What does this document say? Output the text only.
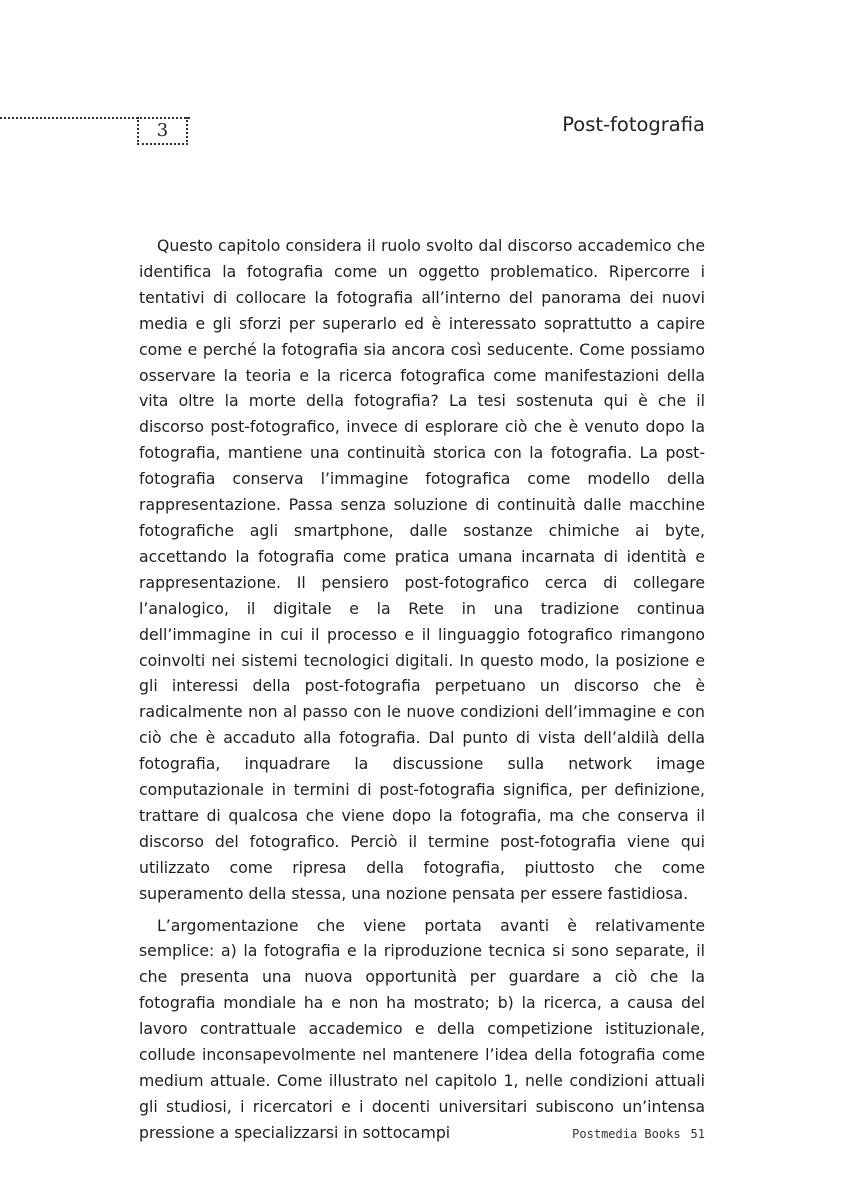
3	Post-fotografia

Questo capitolo considera il ruolo svolto dal discorso accademico che identifica la fotografia come un oggetto problematico. Ripercorre i tentativi di collocare la fotografia all’interno del panorama dei nuovi media e gli sforzi per superarlo ed è interessato soprattutto a capire come e perché la fotografia sia ancora così seducente. Come possiamo osservare la teoria e la ricerca fotografica come manifestazioni della vita oltre la morte della fotografia? La tesi sostenuta qui è che il discorso post-fotografico, invece di esplorare ciò che è venuto dopo la fotografia, mantiene una continuità storica con la fotografia. La post-fotografia conserva l’immagine fotografica come modello della rappresentazione. Passa senza soluzione di continuità dalle macchine fotografiche agli smartphone, dalle sostanze chimiche ai byte, accettando la fotografia come pratica umana incarnata di identità e rappresentazione. Il pensiero post-fotografico cerca di collegare l’analogico, il digitale e la Rete in una tradizione continua dell’immagine in cui il processo e il linguaggio fotografico rimangono coinvolti nei sistemi tecnologici digitali. In questo modo, la posizione e gli interessi della post-fotografia perpetuano un discorso che è radicalmente non al passo con le nuove condizioni dell’immagine e con ciò che è accaduto alla fotografia. Dal punto di vista dell’aldilà della fotografia, inquadrare la discussione sulla network image computazionale in termini di post-fotografia significa, per definizione, trattare di qualcosa che viene dopo la fotografia, ma che conserva il discorso del fotografico. Perciò il termine post-fotografia viene qui utilizzato come ripresa della fotografia, piuttosto che come superamento della stessa, una nozione pensata per essere fastidiosa.

L’argomentazione che viene portata avanti è relativamente semplice: a) la fotografia e la riproduzione tecnica si sono separate, il che presenta una nuova opportunità per guardare a ciò che la fotografia mondiale ha e non ha mostrato; b) la ricerca, a causa del lavoro contrattuale accademico e della competizione istituzionale, collude inconsapevolmente nel mantenere l’idea della fotografia come medium attuale. Come illustrato nel capitolo 1, nelle condizioni attuali gli studiosi, i ricercatori e i docenti universitari subiscono un’intensa pressione a specializzarsi in sottocampi	Postmedia Books 51
